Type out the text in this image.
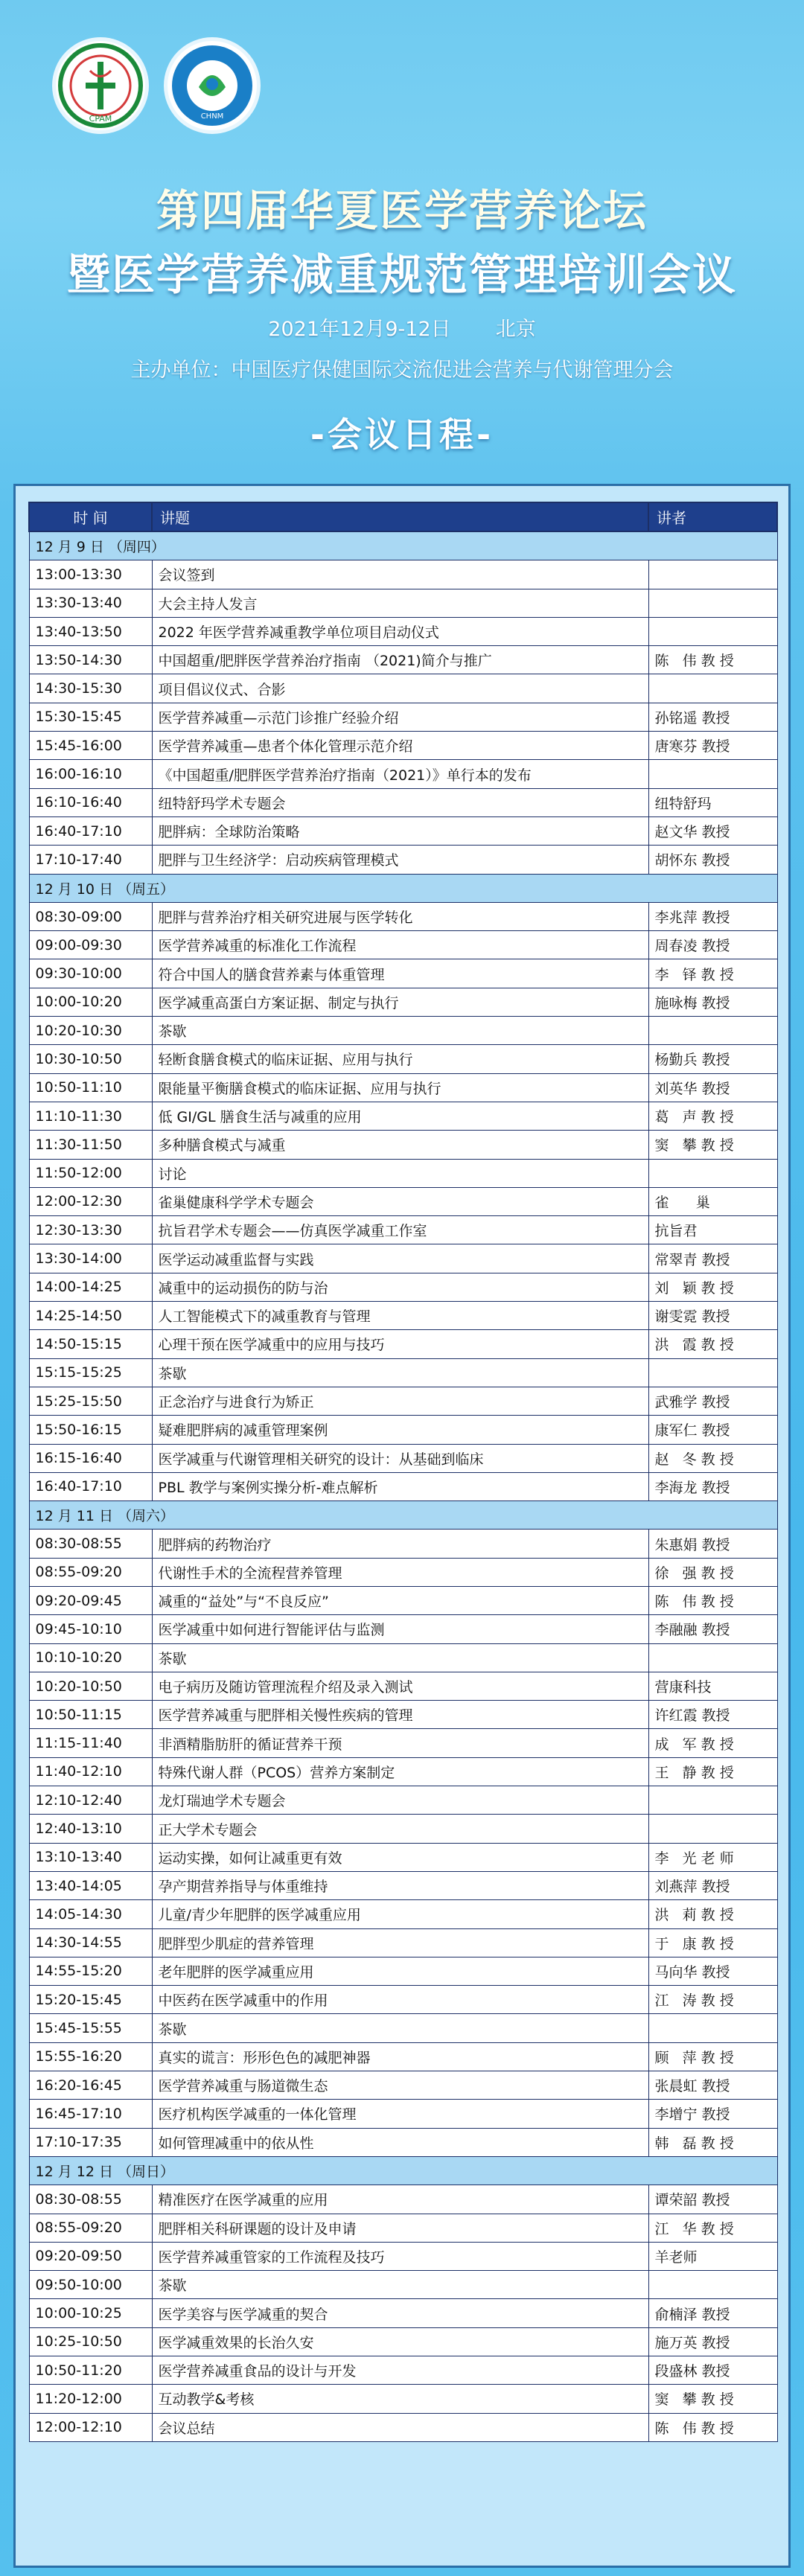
CPAM	CHNM
第四届华夏医学营养论坛
暨医学营养减重规范管理培训会议
2021年12月9-12日 北京
主办单位：中国医疗保健国际交流促进会营养与代谢管理分会
-会议日程-
时 间	讲题	讲者
12 月 9 日 （周四）		
13:00-13:30	会议签到	
13:30-13:40	大会主持人发言	
13:40-13:50	2022 年医学营养减重教学单位项目启动仪式	
13:50-14:30	中国超重/肥胖医学营养治疗指南 （2021)简介与推广	陈   伟 教 授
14:30-15:30	项目倡议仪式、合影	
15:30-15:45	医学营养减重—示范门诊推广经验介绍	孙铭遥 教授
15:45-16:00	医学营养减重—患者个体化管理示范介绍	唐寒芬 教授
16:00-16:10	《中国超重/肥胖医学营养治疗指南（2021）》单行本的发布	
16:10-16:40	纽特舒玛学术专题会	纽特舒玛
16:40-17:10	肥胖病：全球防治策略	赵文华 教授
17:10-17:40	肥胖与卫生经济学：启动疾病管理模式	胡怀东 教授
12 月 10 日 （周五）		
08:30-09:00	肥胖与营养治疗相关研究进展与医学转化	李兆萍 教授
09:00-09:30	医学营养减重的标准化工作流程	周春凌 教授
09:30-10:00	符合中国人的膳食营养素与体重管理	李   铎 教 授
10:00-10:20	医学减重高蛋白方案证据、制定与执行	施咏梅 教授
10:20-10:30	茶歇	
10:30-10:50	轻断食膳食模式的临床证据、应用与执行	杨勤兵 教授
10:50-11:10	限能量平衡膳食模式的临床证据、应用与执行	刘英华 教授
11:10-11:30	低 GI/GL 膳食生活与减重的应用	葛   声 教 授
11:30-11:50	多种膳食模式与减重	窦   攀 教 授
11:50-12:00	讨论	
12:00-12:30	雀巢健康科学学术专题会	雀      巢
12:30-13:30	抗旨君学术专题会——仿真医学减重工作室	抗旨君
13:30-14:00	医学运动减重监督与实践	常翠青 教授
14:00-14:25	减重中的运动损伤的防与治	刘   颖 教 授
14:25-14:50	人工智能模式下的减重教育与管理	谢雯霓 教授
14:50-15:15	心理干预在医学减重中的应用与技巧	洪   霞 教 授
15:15-15:25	茶歇	
15:25-15:50	正念治疗与进食行为矫正	武雅学 教授
15:50-16:15	疑难肥胖病的减重管理案例	康军仁 教授
16:15-16:40	医学减重与代谢管理相关研究的设计：从基础到临床	赵   冬 教 授
16:40-17:10	PBL 教学与案例实操分析-难点解析	李海龙 教授
12 月 11 日 （周六）		
08:30-08:55	肥胖病的药物治疗	朱惠娟 教授
08:55-09:20	代谢性手术的全流程营养管理	徐   强 教 授
09:20-09:45	减重的“益处”与“不良反应”	陈   伟 教 授
09:45-10:10	医学减重中如何进行智能评估与监测	李融融 教授
10:10-10:20	茶歇	
10:20-10:50	电子病历及随访管理流程介绍及录入测试	营康科技
10:50-11:15	医学营养减重与肥胖相关慢性疾病的管理	许红霞 教授
11:15-11:40	非酒精脂肪肝的循证营养干预	成   军 教 授
11:40-12:10	特殊代谢人群（PCOS）营养方案制定	王   静 教 授
12:10-12:40	龙灯瑞迪学术专题会	
12:40-13:10	正大学术专题会	
13:10-13:40	运动实操，如何让减重更有效	李   光 老 师
13:40-14:05	孕产期营养指导与体重维持	刘燕萍 教授
14:05-14:30	儿童/青少年肥胖的医学减重应用	洪   莉 教 授
14:30-14:55	肥胖型少肌症的营养管理	于   康 教 授
14:55-15:20	老年肥胖的医学减重应用	马向华 教授
15:20-15:45	中医药在医学减重中的作用	江   涛 教 授
15:45-15:55	茶歇	
15:55-16:20	真实的谎言：形形色色的减肥神器	顾   萍 教 授
16:20-16:45	医学营养减重与肠道微生态	张晨虹 教授
16:45-17:10	医疗机构医学减重的一体化管理	李增宁 教授
17:10-17:35	如何管理减重中的依从性	韩   磊 教 授
12 月 12 日 （周日）		
08:30-08:55	精准医疗在医学减重的应用	谭荣韶 教授
08:55-09:20	肥胖相关科研课题的设计及申请	江   华 教 授
09:20-09:50	医学营养减重管家的工作流程及技巧	羊老师
09:50-10:00	茶歇	
10:00-10:25	医学美容与医学减重的契合	俞楠泽 教授
10:25-10:50	医学减重效果的长治久安	施万英 教授
10:50-11:20	医学营养减重食品的设计与开发	段盛林 教授
11:20-12:00	互动教学&考核	窦   攀 教 授
12:00-12:10	会议总结	陈   伟 教 授
